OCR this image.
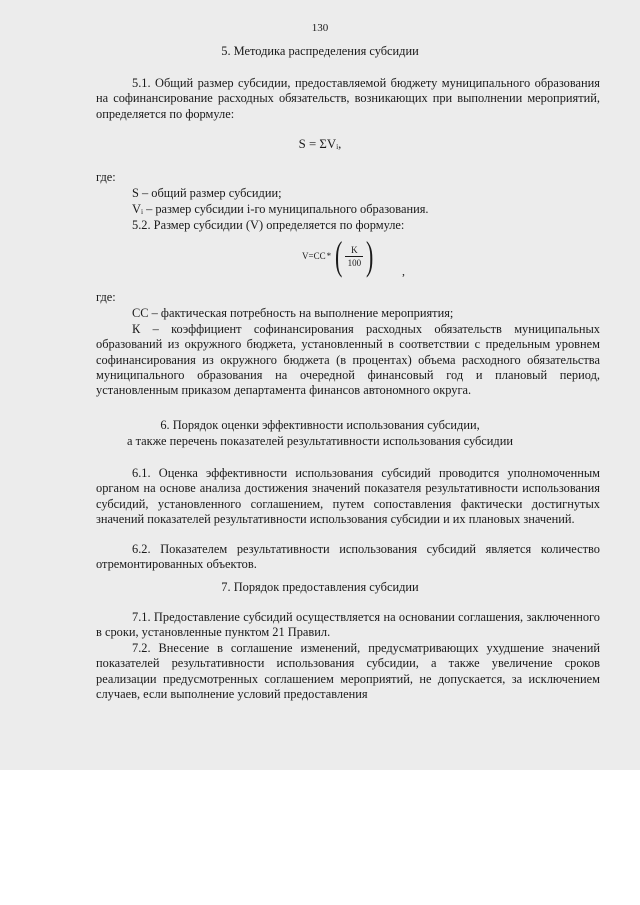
130
5. Методика распределения субсидии
5.1. Общий размер субсидии, предоставляемой бюджету муниципального образования на софинансирование расходных обязательств, возникающих при выполнении мероприятий, определяется по формуле:
S = ΣVᵢ,
где:
S – общий размер субсидии;
Vᵢ – размер субсидии i-го муниципального образования.
5.2. Размер субсидии (V) определяется по формуле:
V=CC * ( $\frac{K}{100}$ ) ,
где:
СС – фактическая потребность на выполнение мероприятия;
К – коэффициент софинансирования расходных обязательств муниципальных образований из окружного бюджета, установленный в соответствии с предельным уровнем софинансирования из окружного бюджета (в процентах) объема расходного обязательства муниципального образования на очередной финансовый год и плановый период, установленным приказом департамента финансов автономного округа.
6. Порядок оценки эффективности использования субсидии,
а также перечень показателей результативности использования субсидии
6.1. Оценка эффективности использования субсидий проводится уполномоченным органом на основе анализа достижения значений показателя результативности использования субсидий, установленного соглашением, путем сопоставления фактически достигнутых значений показателей результативности использования субсидии и их плановых значений.
6.2. Показателем результативности использования субсидий является количество отремонтированных объектов.
7. Порядок предоставления субсидии
7.1. Предоставление субсидий осуществляется на основании соглашения, заключенного в сроки, установленные пунктом 21 Правил.
7.2. Внесение в соглашение изменений, предусматривающих ухудшение значений показателей результативности использования субсидии, а также увеличение сроков реализации предусмотренных соглашением мероприятий, не допускается, за исключением случаев, если выполнение условий предоставления
